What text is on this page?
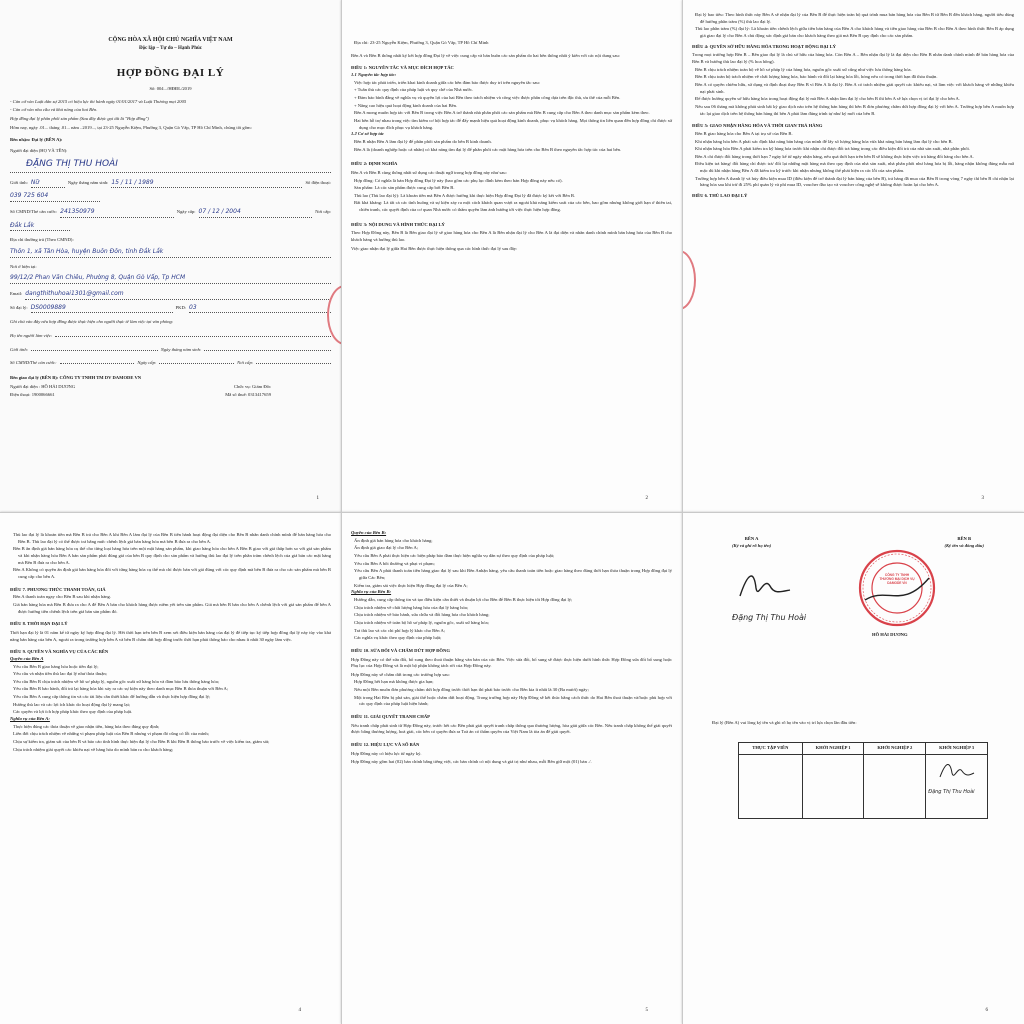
CỘNG HÒA XÃ HỘI CHỦ NGHĨA VIỆT NAM
Độc lập – Tự do – Hạnh Phúc
HỢP ĐỒNG ĐẠI LÝ
Số: 004.../HĐĐL/2019
- Căn cứ vào Luật dân sự 2015 có hiệu lực thi hành ngày 01/01/2017 và Luật Thương mại 2005
- Căn cứ vào nhu cầu và khả năng của hai Bên.
Hợp đồng đại lý phân phối sản phẩm (Sau đây được gọi tắt là "Hợp đồng")
Hôm nay, ngày .01... tháng .01... năm ..2019..., tại 23-25 Nguyễn Kiệm, Phường 3, Quận Gò Vấp, TP Hồ Chí Minh, chúng tôi gồm:
Bên nhận: Đại lý (BÊN A):
Người đại diện (HỌ VÀ TÊN):
ĐẶNG THỊ THU HOÀI
Giới tính: Nữ	Ngày tháng năm sinh: 15 / 11 / 1989	Số điện thoại:
039 725 604
Số CMND/Thẻ căn cước: 241350979	Ngày cấp: 07 / 12 / 2004	Nơi cấp:
Đắk Lắk
Địa chỉ thường trú (Theo CMND):
Thôn 1, xã Tân Hòa, huyện Buôn Đôn, tỉnh Đắk Lắk
Nơi ở hiện tại:
99/12/2 Phan Văn Chiêu, Phường 8, Quận Gò Vấp, Tp HCM
Email: dangthithuhoai1301@gmail.com
Số đại lý: DS0009889	PKD: 03
Ghi chú vào đây nếu hợp đồng được thực hiện cho người thực tế làm việc tại văn phòng:
Họ tên người làm việc:
Giới tính:	Ngày tháng năm sinh:
Số CMND/Thẻ căn cước:	Ngày cấp:	Nơi cấp:
Bên giao đại lý (BÊN B): CÔNG TY TNHH TM DV DAMODE VN
Người đại diện : HỒ HẢI DƯƠNG	Chức vụ: Giám Đốc
Điện thoại: 1900066661	Mã số thuế: 0313417659
1
Địa chỉ: 23-25 Nguyễn Kiệm, Phường 3, Quận Gò Vấp, TP Hồ Chí Minh
Bên A và Bên B thống nhất ký kết hợp đồng Đại lý về việc cung cấp và bán buôn các sản phẩm do hai bên thống nhất ý kiến với các nội dung sau:
ĐIỀU 1: NGUYÊN TẮC VÀ MỤC ĐÍCH HỢP TÁC
1.1 Nguyên tắc hợp tác:
Việc hợp tác phát triển, triển khai kinh doanh giữa các bên đảm bảo được duy trì trên nguyên tắc sau:
+ Tuân thủ các quy định của pháp luật và quy chế của Nhà nước.
+ Đảm bảo bình đẳng về nghĩa vụ và quyền lợi của hai Bên theo trách nhiệm và công việc được phân công dựa trên đặc thù, ưu thế của mỗi Bên.
+ Nâng cao hiệu quả hoạt động kinh doanh của hai Bên.
Bên A mong muốn hợp tác với Bên B trong việc Bên A trở thành nhà phân phối các sản phẩm mà Bên B cung cấp cho Bên A theo danh mục sản phẩm kèm theo.
Hai bên hỗ trợ nhau trong việc tìm kiếm cơ hội hợp tác để đẩy mạnh hiệu quả hoạt động kinh doanh, phục vụ khách hàng. Mọi thông tin liên quan đến hợp đồng chỉ được sử dụng cho mục đích phục vụ khách hàng.
1.2 Cơ sở hợp tác
Bên B nhận Bên A làm đại lý để phân phối sản phẩm do bên B kinh doanh.
Bên A là (doanh nghiệp hoặc cá nhân) có khả năng tìm đại lý để phân phối các mặt hàng hóa trên cho Bên B theo nguyên tắc hợp tác của hai bên.
ĐIỀU 2: ĐỊNH NGHĨA
Bên A và Bên B cùng thống nhất sử dụng các thuật ngữ trong hợp đồng này như sau:
Hợp đồng: Có nghĩa là bản Hợp đồng Đại lý này (bao gồm các phụ lục đính kèm theo bản Hợp đồng này nếu có).
Sản phẩm: Là các sản phẩm được cung cấp bởi Bên B.
Thù lao (Thù lao đại lý): Là khoản tiền mà Bên A được hưởng khi thực hiện Hợp đồng Đại lý đã được ký kết với Bên B.
Bất khả kháng: Là tất cả các tình huống và sự kiện xảy ra một cách khách quan vượt ra ngoài khả năng kiểm soát của các bên, bao gồm nhưng không giới hạn ở thiên tai, chiến tranh, các quyết định của cơ quan Nhà nước có thẩm quyền làm ảnh hưởng tới việc thực hiện hợp đồng.
ĐIỀU 3: NỘI DUNG VÀ HÌNH THỨC ĐẠI LÝ
Theo Hợp Đồng này, Bên B là Bên giao đại lý sẽ giao hàng hóa cho Bên A là Bên nhận đại lý cho Bên A là đại diện và nhân danh chính mình bán hàng hóa của Bên B cho khách hàng và hưởng thù lao.
Việc giao nhận đại lý giữa Hai Bên được thực hiện thông qua các hình thức đại lý sau đây:
2
Đại lý bao tiêu: Theo hình thức này Bên A sẽ nhận đại lý của Bên B để thực hiện toàn bộ quá trình mua bán hàng hóa của Bên B từ Bên B đến khách hàng, người tiêu dùng để hưởng phần trăm (%) thù lao đại lý.
Thù lao phần trăm (%) đại lý: Là khoản tiền chênh lệch giữa tiền bán hàng của Bên A cho khách hàng và tiền giao hàng của Bên B cho Bên A theo hình thức Bên B áp dụng giá giao đại lý cho Bên A chủ động xác định giá bán cho khách hàng theo giá mà Bên B quy định cho các sản phẩm.
ĐIỀU 4: QUYỀN SỞ HỮU HÀNG HÓA TRONG HOẠT ĐỘNG ĐẠI LÝ
Trong mọi trường hợp Bên B – Bên giao đại lý là chủ sở hữu của hàng hóa. Còn Bên A – Bên nhận đại lý là đại diện cho Bên B nhân danh chính mình để bán hàng hóa của Bên B và hưởng thù lao đại lý (% hoa hồng).
Bên B chịu trách nhiệm toàn bộ về hồ sơ pháp lý của hàng hóa, nguồn gốc xuất xứ cũng như việc lưu thông hàng hóa.
Bên B chịu toàn bộ trách nhiệm về chất lượng hàng hóa, bảo hành và đổi lại hàng hóa lỗi, hỏng nếu có trong thời hạn đã thỏa thuận.
Bên A có quyền chiếm hữu, sử dụng và định đoạt thay Bên B vì Bên A là đại lý. Bên A có trách nhiệm giải quyết các khiếu nại, và làm việc với khách hàng về những khiếu nại phát sinh.
Để được hưởng quyền sở hữu hàng hóa trong hoạt động đại lý mà Bên A nhận làm đại lý cho bên B thì bên A sẽ lựa chọn vị trí đại lý cho bên A.
Nếu sau 06 tháng mà không phát sinh bất kỳ giao dịch nào trên hệ thống bán hàng thì bên B đơn phương chấm dứt hợp đồng đại lý với bên A. Trường hợp bên A muốn hợp tác lại giao dịch trên hệ thống bán hàng thì bên A phải làm đúng trình tự như ký mới của bên B.
ĐIỀU 5: GIAO NHẬN HÀNG HÓA VÀ THỜI GIAN TRẢ HÀNG
Bên B giao hàng hóa cho Bên A tại trụ sở của Bên B.
Khi nhận hàng hóa bên A phải xác định khả năng bán hàng của mình để lấy số lượng hàng hóa vừa khả năng bán hàng làm đại lý cho bên B.
Khi nhận hàng hóa Bên A phải kiểm tra kỹ hàng hóa trước khi nhận chỉ được đổi trả hàng trong các điều kiện đổi trả của nhà sản xuất, nhà phân phối.
Bên A chỉ được đổi hàng trong thời hạn 7 ngày kể từ ngày nhận hàng, nếu quá thời hạn trên bên B sẽ không thực hiện việc trả hàng đổi hàng cho bên A.
Điều kiện trả hàng/ đổi hàng chỉ được trả/ đổi lại những mặt hàng mà theo quy định của nhà sản xuất, nhà phân phối như hàng hóa bị lỗi, hàng nhận không đúng mẫu mã mặc dù khi nhận hàng Bên A đã kiểm tra kỹ trước khi nhận nhưng không thể phát hiện ra các lỗi của sản phẩm.
Trường hợp bên A thanh lý và hủy điều kiện mua ID (điều kiện để trở thành đại lý bán hàng của bên B), trả hàng đã mua của Bên B trong vòng 7 ngày thì bên B chỉ nhận lại hàng hóa sau khi trừ đi 25% phí quản lý và phí mua ID, voucher đào tạo và voucher công nghệ sẽ không được hoàn lại cho bên A.
ĐIỀU 6. THÙ LAO ĐẠI LÝ
3
Thù lao đại lý là khoản tiền mà Bên B trả cho Bên A khi Bên A làm đại lý của Bên B tiến hành hoạt động đại diện cho Bên B nhân danh chính mình để bán hàng hóa cho Bên B. Thù lao đại lý có thể được trả bằng mức chênh lệch giá bán hàng hóa mà bên B đưa ra cho bên A.
Bên B ấn định giá bán hàng hóa cụ thể cho từng loại hàng hóa trên một mặt hàng sản phẩm, khi giao hàng hóa cho bên A Bên B giao với giá thấp hơn so với giá sản phẩm và khi nhận hàng hóa Bên A bán sản phẩm phải đúng giá của bên B quy định cho sản phẩm và hưởng thù lao đại lý trên phần trăm chênh lệch của giá bán các mặt hàng mà Bên B đưa ra cho bên A.
Bên A Không có quyền ấn định giá bán hàng hóa đối với từng hàng hóa cụ thể mà chỉ được bán với giá đúng với các quy định mà bên B đưa ra cho các sản phẩm mà bên B cung cấp cho bên A.
ĐIỀU 7. PHƯƠNG THỨC THANH TOÁN, GIÁ
Bên A thanh toán ngay cho Bên B sau khi nhận hàng.
Giá bán hàng hóa mà Bên B đưa ra cho A để Bên A bán cho khách hàng được niêm yết trên sản phẩm. Giá mà bên B bán cho bên A chênh lệch với giá sản phẩm để bên A được hưởng tiền chênh lệch trên giá bán sản phẩm đó.
ĐIỀU 8. THỜI HẠN ĐẠI LÝ
Thời hạn đại lý là 01 năm kể từ ngày ký hợp đồng đại lý. Hết thời hạn trên bên B xem xét điều kiện bán hàng của đại lý để tiếp tục ký tiếp hợp đồng đại lý này tùy vào khả năng bán hàng của bên A, ngoài ra trong trường hợp bên A và bên B chấm dứt hợp đồng trước thời hạn phải thông báo cho nhau ít nhất 30 ngày làm việc.
ĐIỀU 9. QUYỀN VÀ NGHĨA VỤ CỦA CÁC BÊN
Quyền của Bên A
Yêu cầu Bên B giao hàng hóa hoặc tiền đại lý;
Yêu cầu và nhận tiền thù lao đại lý như thỏa thuận;
Yêu cầu Bên B chịu trách nhiệm về hồ sơ pháp lý, nguồn gốc xuất xứ hàng hóa và đảm bảo lưu thông hàng hóa;
Yêu cầu Bên B bảo hành, đổi trả lại hàng hóa khi xảy ra các sự kiện này theo danh mục Bên B thỏa thuận với Bên A;
Yêu cầu Bên A cung cấp thông tin và các tài liệu cần thiết khác để hướng dẫn và thực hiện hợp đồng đại lý;
Hưởng thù lao và các lợi ích khác do hoạt động đại lý mang lại;
Các quyền và lợi ích hợp pháp khác theo quy định của pháp luật.
Nghĩa vụ của Bên A:
Thực hiện đúng các thỏa thuận về giao nhận tiền, hàng hóa theo đúng quy định;
Liên đới chịu trách nhiệm về những vi phạm pháp luật của Bên B nhưng vi phạm đó cũng có lỗi của mình;
Chịu sự kiểm tra, giám sát của bên B và báo cáo tình hình thực hiện đại lý cho Bên B khi Bên B thông báo trước về việc kiểm tra, giám sát;
Chịu trách nhiệm giải quyết các khiếu nại về hàng hóa do mình bán ra cho khách hàng;
4
Quyền của Bên B:
Ấn định giá bán hàng hóa cho khách hàng;
Ấn định giá giao đại lý cho Bên A;
Yêu cầu Bên A phải thực hiện các biện pháp bảo đảm thực hiện nghĩa vụ dân sự theo quy định của pháp luật;
Yêu cầu Bên A bồi thường và phạt vi phạm;
Yêu cầu Bên A phải thanh toán tiền hàng giao đại lý sau khi Bên Anhận hàng, yêu cầu thanh toán tiền hoặc giao hàng theo đúng thời hạn thỏa thuận trong Hợp đồng đại lý giữa Các Bên;
Kiểm tra, giám sát việc thực hiện Hợp đồng đại lý của Bên A;
Nghĩa vụ của Bên B:
Hướng dẫn, cung cấp thông tin và tạo điều kiện cần thiết và thuận lợi cho Bên để Bên B thực hiện tốt Hợp đồng đại lý;
Chịu trách nhiệm về chất lượng hàng hóa của đại lý hàng hóa;
Chịu trách nhiệm về bảo hành, sửa chữa và đổi hàng hóa cho khách hàng;
Chịu trách nhiệm về toàn bộ hồ sơ pháp lý, nguồn gốc, xuất xứ hàng hóa;
Trả thù lao và các chi phí hợp lý khác cho Bên A;
Các nghĩa vụ khác theo quy định của pháp luật;
ĐIỀU 10. SỬA ĐỔI VÀ CHẤM DỨT HỢP ĐỒNG
Hợp Đồng này có thể sửa đổi, bổ sung theo thoả thuận bằng văn bản của các Bên. Việc sửa đổi, bổ sung sẽ được thực hiện dưới hình thức Hợp Đồng sửa đổi bổ sung hoặc Phụ lục của Hợp Đồng và là một bộ phận không tách rời của Hợp Đồng này.
Hợp Đồng này sẽ chấm dứt trong các trường hợp sau:
Hợp Đồng hết hạn mà không được gia hạn;
Nếu một Bên muốn đơn phương chấm dứt hợp đồng trước thời hạn thì phải báo trước cho Bên kia ít nhất là 30 (Ba mươi) ngày;
Một trong Hai Bên bị phá sản, giải thể hoặc chấm dứt hoạt động. Trong trường hợp này Hợp Đồng sẽ kết thúc bằng cách thức do Hai Bên thoả thuận và/hoặc phù hợp với các quy định của pháp luật hiện hành;
ĐIỀU 11. GIẢI QUYẾT TRANH CHẤP
Nếu tranh chấp phát sinh từ Hợp Đồng này, trước hết các Bên phải giải quyết tranh chấp thông qua thương lượng, hòa giải giữa các Bên. Nếu tranh chấp không thể giải quyết được bằng thương lượng, hoà giải, các bên có quyền đưa ra Toà án có thẩm quyền của Việt Nam là tòa án để giải quyết.
ĐIỀU 12. HIỆU LỰC VÀ SỐ BẢN
Hợp Đồng này có hiệu lực từ ngày ký.
Hợp Đồng này gồm hai (02) bản chính bằng tiếng việt, các bản chính có nội dung và giá trị như nhau, mỗi Bên giữ một (01) bản ./.
5
BÊN A
(Ký và ghi rõ họ tên)
BÊN B
(Ký tên và đóng dấu)
Đặng Thị Thu Hoài
CÔNG TY TNHH THƯƠNG MẠI DỊCH VỤ DAMODE VN
HỒ HẢI DƯƠNG
Đại lý (Bên A) vui lòng ký tên và ghi rõ họ tên vào vị trí lựa chọn lần đầu tiên:
THỰC TẬP VIÊN	KHỞI NGHIỆP 1	KHỞI NGHIỆP 2	KHỞI NGHIỆP 3

			Đặng Thị Thu Hoài
6
